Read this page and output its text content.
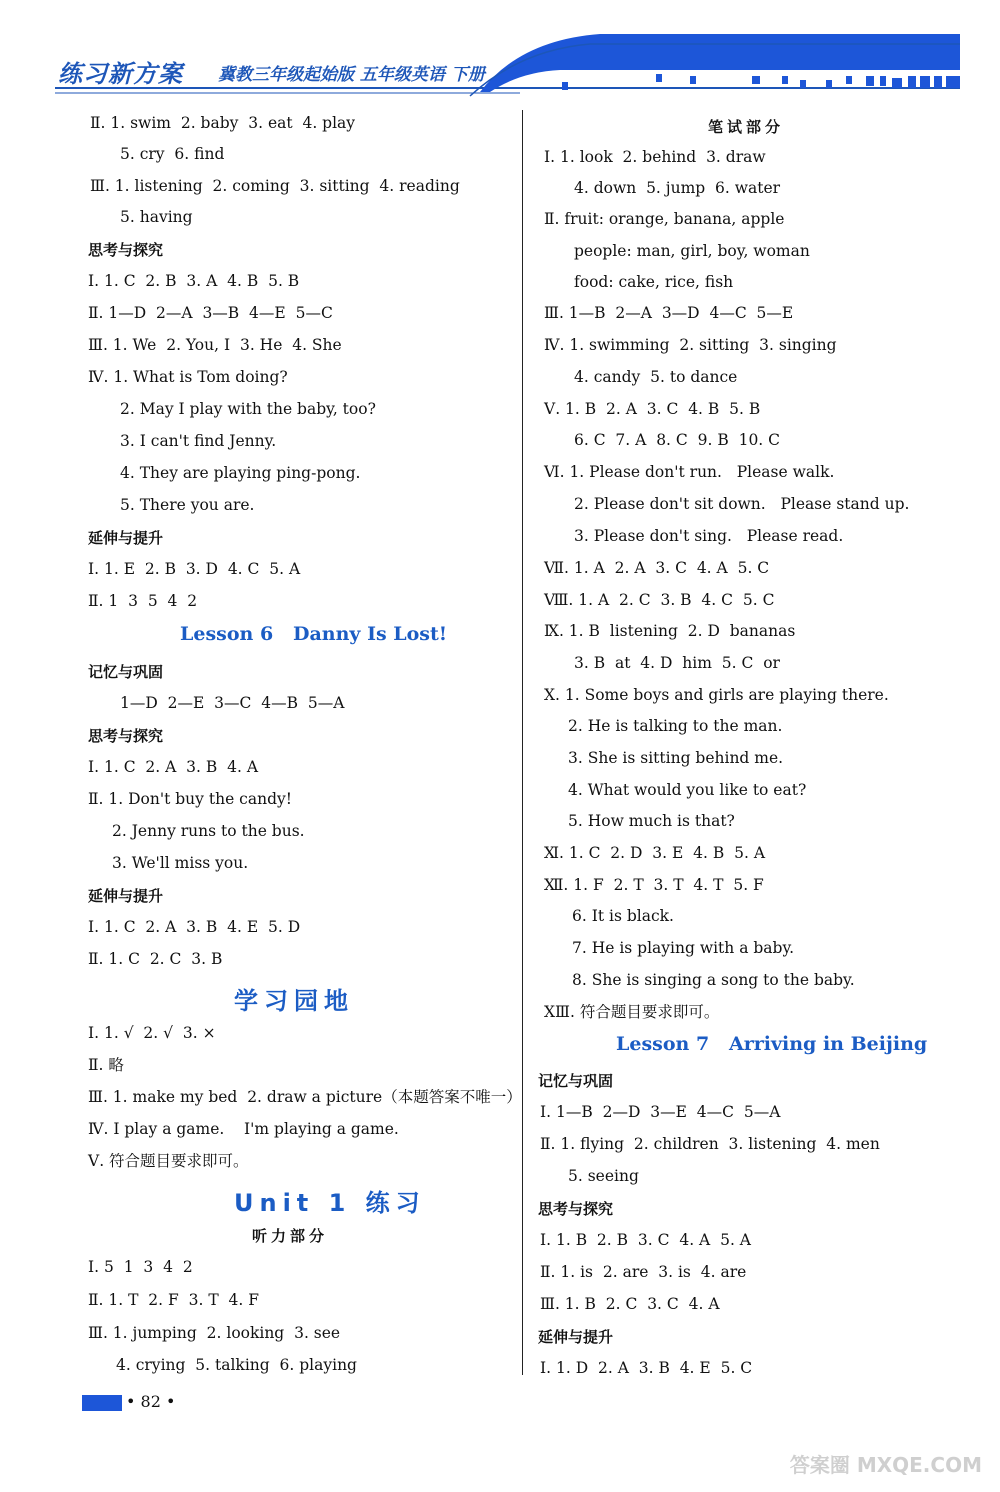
练习新方案 冀教三年级起始版 五年级英语 下册
Ⅱ. 1. swim  2. baby  3. eat  4. play
5. cry  6. find
Ⅲ. 1. listening  2. coming  3. sitting  4. reading
5. having
思考与探究
Ⅰ. 1. C  2. B  3. A  4. B  5. B
Ⅱ. 1—D  2—A  3—B  4—E  5—C
Ⅲ. 1. We  2. You, I  3. He  4. She
Ⅳ. 1. What is Tom doing?
2. May I play with the baby, too?
3. I can't find Jenny.
4. They are playing ping-pong.
5. There you are.
延伸与提升
Ⅰ. 1. E  2. B  3. D  4. C  5. A
Ⅱ. 1  3  5  4  2
Lesson 6   Danny Is Lost!
记忆与巩固
1—D  2—E  3—C  4—B  5—A
思考与探究
Ⅰ. 1. C  2. A  3. B  4. A
Ⅱ. 1. Don't buy the candy!
2. Jenny runs to the bus.
3. We'll miss you.
延伸与提升
Ⅰ. 1. C  2. A  3. B  4. E  5. D
Ⅱ. 1. C  2. C  3. B
学习园地
Ⅰ. 1. √  2. √  3. ×
Ⅱ. 略
Ⅲ. 1. make my bed  2. draw a picture（本题答案不唯一）
Ⅳ. I play a game.    I'm playing a game.
Ⅴ. 符合题目要求即可。
Unit 1 练习
听力部分
Ⅰ. 5  1  3  4  2
Ⅱ. 1. T  2. F  3. T  4. F
Ⅲ. 1. jumping  2. looking  3. see
4. crying  5. talking  6. playing
笔试部分
Ⅰ. 1. look  2. behind  3. draw
4. down  5. jump  6. water
Ⅱ. fruit: orange, banana, apple
people: man, girl, boy, woman
food: cake, rice, fish
Ⅲ. 1—B  2—A  3—D  4—C  5—E
Ⅳ. 1. swimming  2. sitting  3. singing
4. candy  5. to dance
Ⅴ. 1. B  2. A  3. C  4. B  5. B
6. C  7. A  8. C  9. B  10. C
Ⅵ. 1. Please don't run.   Please walk.
2. Please don't sit down.   Please stand up.
3. Please don't sing.   Please read.
Ⅶ. 1. A  2. A  3. C  4. A  5. C
Ⅷ. 1. A  2. C  3. B  4. C  5. C
Ⅸ. 1. B  listening  2. D  bananas
3. B  at  4. D  him  5. C  or
Ⅹ. 1. Some boys and girls are playing there.
2. He is talking to the man.
3. She is sitting behind me.
4. What would you like to eat?
5. How much is that?
Ⅺ. 1. C  2. D  3. E  4. B  5. A
Ⅻ. 1. F  2. T  3. T  4. T  5. F
6. It is black.
7. He is playing with a baby.
8. She is singing a song to the baby.
XⅢ. 符合题目要求即可。
Lesson 7   Arriving in Beijing
记忆与巩固
Ⅰ. 1—B  2—D  3—E  4—C  5—A
Ⅱ. 1. flying  2. children  3. listening  4. men
5. seeing
思考与探究
Ⅰ. 1. B  2. B  3. C  4. A  5. A
Ⅱ. 1. is  2. are  3. is  4. are
Ⅲ. 1. B  2. C  3. C  4. A
延伸与提升
Ⅰ. 1. D  2. A  3. B  4. E  5. C
• 82 •
答案圈 MXQE.COM
